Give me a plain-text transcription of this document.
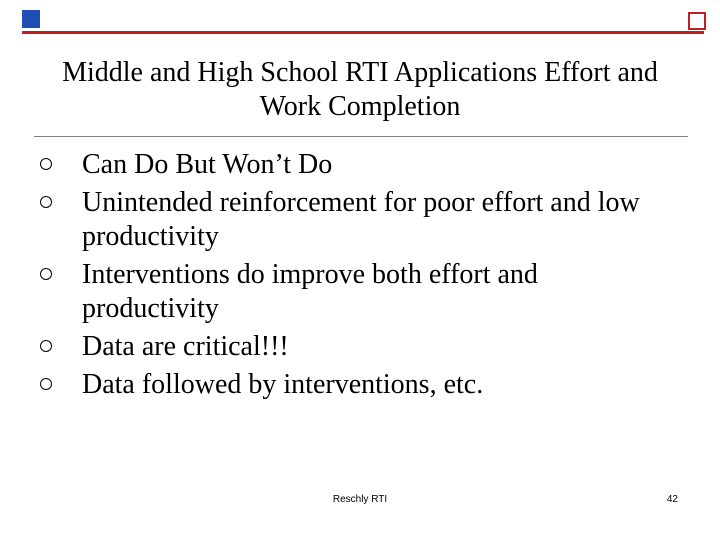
Middle and High School RTI Applications Effort and Work Completion
Can Do But Won’t Do
Unintended reinforcement for poor effort and low productivity
Interventions do improve both effort and productivity
Data are critical!!!
Data followed by interventions, etc.
Reschly RTI	42
